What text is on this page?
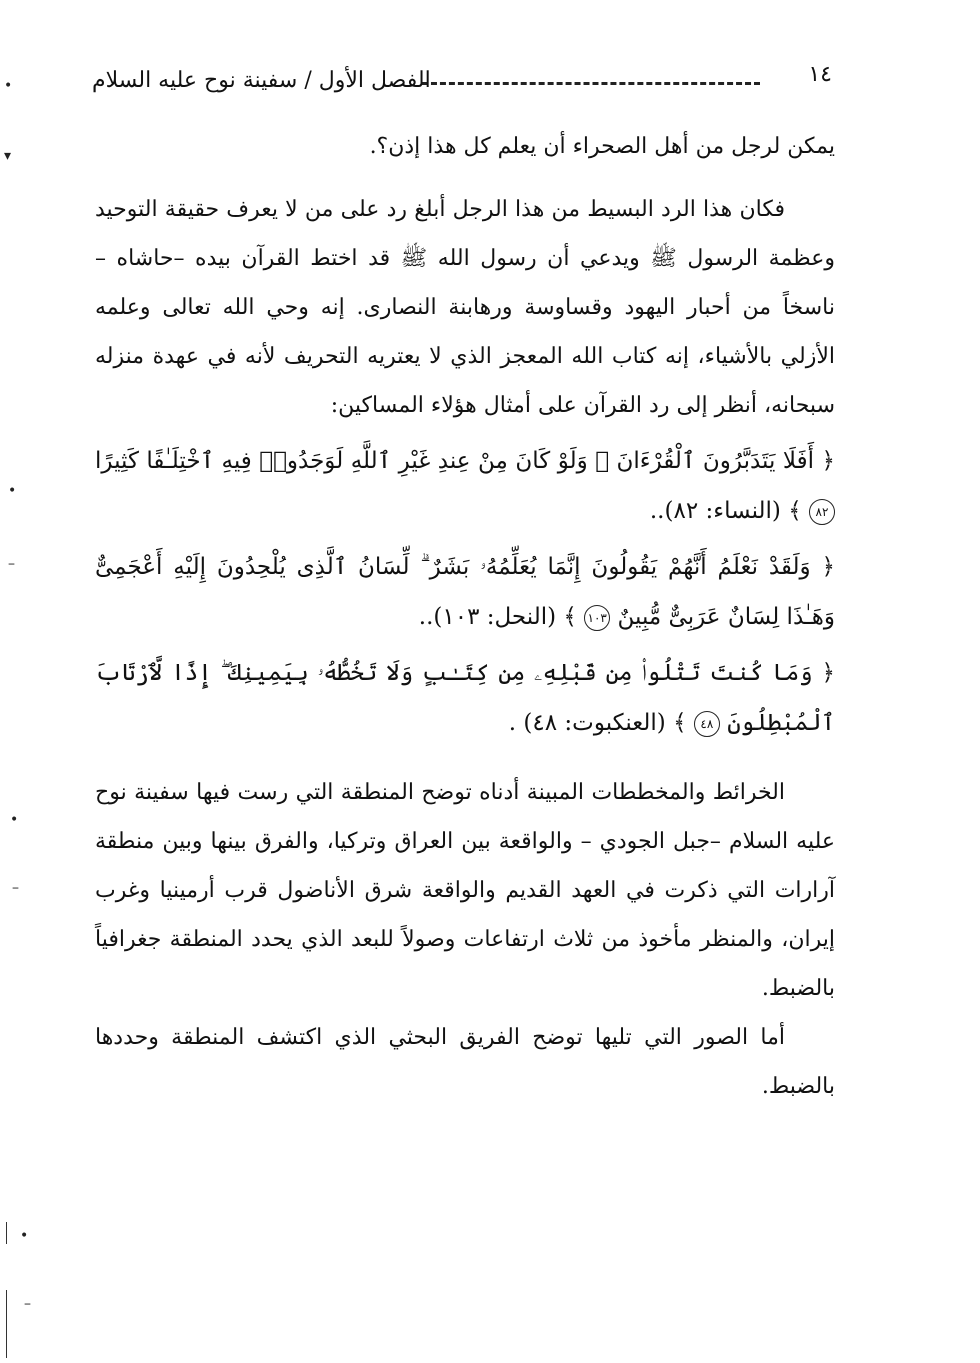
١٤
الفصل الأول / سفينة نوح عليه السلام

يمكن لرجل من أهل الصحراء أن يعلم كل هذا إذن؟.

فكان هذا الرد البسيط من هذا الرجل أبلغ رد على من لا يعرف حقيقة التوحيد وعظمة الرسول ﷺ ويدعي أن رسول الله ﷺ قد اختط القرآن بيده –حاشاه – ناسخاً من أحبار اليهود وقساوسة ورهابنة النصارى. إنه وحي الله تعالى وعلمه الأزلي بالأشياء، إنه كتاب الله المعجز الذي لا يعتريه التحريف لأنه في عهدة منزله سبحانه، أنظر إلى رد القرآن على أمثال هؤلاء المساكين:

﴿ أَفَلَا يَتَدَبَّرُونَ ٱلْقُرْءَانَ ۚ وَلَوْ كَانَ مِنْ عِندِ غَيْرِ ٱللَّهِ لَوَجَدُوا۟ فِيهِ ٱخْتِلَـٰفًا كَثِيرًا ٨٢ ﴾ (النساء: ٨٢)..

﴿ وَلَقَدْ نَعْلَمُ أَنَّهُمْ يَقُولُونَ إِنَّمَا يُعَلِّمُهُۥ بَشَرٌ ۗ لِّسَانُ ٱلَّذِى يُلْحِدُونَ إِلَيْهِ أَعْجَمِىٌّ وَهَـٰذَا لِسَانٌ عَرَبِىٌّ مُّبِينٌ ١٠٣ ﴾ (النحل: ١٠٣)..

﴿ وَمَا كُنتَ تَتْلُوا۟ مِن قَبْلِهِۦ مِن كِتَـٰبٍ وَلَا تَخُطُّهُۥ بِيَمِينِكَ ۖ إِذًا لَّٱرْتَابَ ٱلْمُبْطِلُونَ ٤٨ ﴾ (العنكبوت: ٤٨) .

الخرائط والمخططات المبينة أدناه توضح المنطقة التي رست فيها سفينة نوح عليه السلام –جبل الجودي – والواقعة بين العراق وتركيا، والفرق بينها وبين منطقة آرارات التي ذكرت في العهد القديم والواقعة شرق الأناضول قرب أرمينيا وغرب إيران، والمنظر مأخوذ من ثلاث ارتفاعات وصولاً للبعد الذي يحدد المنطقة جغرافياً بالضبط.

أما الصور التي تليها توضح الفريق البحثي الذي اكتشف المنطقة وحددها بالضبط.

•
▾
•
–
•
–
•
–
